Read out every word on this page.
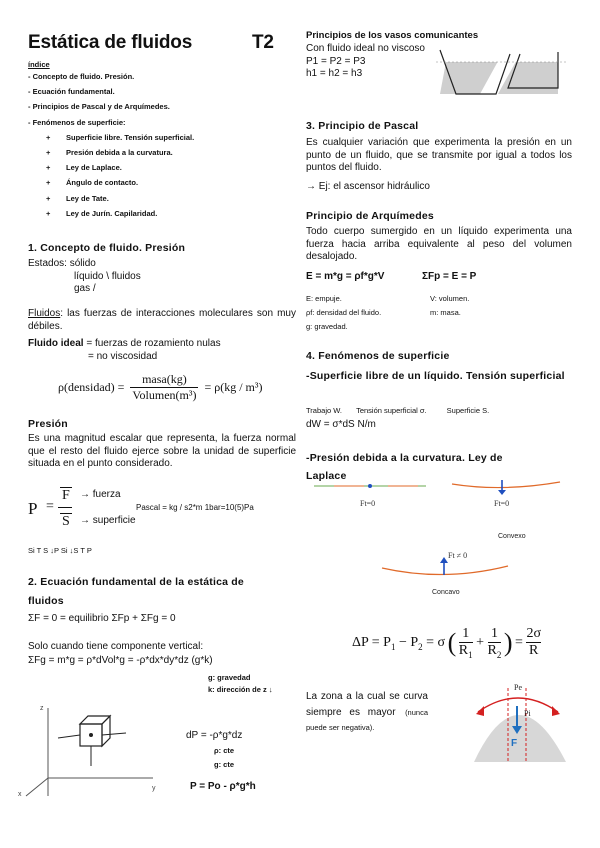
Estática de fluidos	T2
índice
- Concepto de fluido. Presión.
- Ecuación fundamental.
- Principios de Pascal y de Arquímedes.
- Fenómenos de superficie:
+ Superficie libre. Tensión superficial.
+ Presión debida a la curvatura.
+ Ley de Laplace.
+ Ángulo de contacto.
+ Ley de Tate.
+ Ley de Jurín. Capilaridad.
1. Concepto de fluido. Presión
Estados: sólido
líquido \ fluidos
gas /
Fluidos: las fuerzas de interacciones moleculares son muy débiles.
Fluido ideal = fuerzas de rozamiento nulas
= no viscosidad
ρ(densidad) =
masa(kg)
Volumen(m³)
= ρ(kg / m³)
Presión
Es una magnitud escalar que representa, la fuerza normal que el resto del fluido ejerce sobre la unidad de superficie situada en el punto considerado.
P =
F
S
→ fuerza
→ superficie
Pascal = kg / s2*m 1bar=10(5)Pa
Si T S ↓P Si ↓S T P
2. Ecuación fundamental de la estática de
fluidos
ΣF = 0 = equilibrio ΣFp + ΣFg = 0
Solo cuando tiene componente vertical:
ΣFg = m*g = ρ*dVol*g = -ρ*dx*dy*dz (g*k)
g: gravedad
k: dirección de z ↓
z
y
x
dP = -ρ*g*dz
ρ: cte
g: cte
P = Po - ρ*g*h
Principios de los vasos comunicantes
Con fluido ideal no viscoso
P1 = P2 = P3
h1 = h2 = h3
3. Principio de Pascal
Es cualquier variación que experimenta la presión en un punto de un fluido, que se transmite por igual a todos los puntos del fluido.
→ Ej: el ascensor hidráulico
Principio de Arquímedes
Todo cuerpo sumergido en un líquido experimenta una fuerza hacia arriba equivalente al peso del volumen desalojado.
E = m*g = ρf*g*V	ΣFp = E = P
E: empuje.
ρf: densidad del fluido.
g: gravedad.
V: volumen.
m: masa.
4. Fenómenos de superficie
-Superficie libre de un líquido. Tensión superficial
Trabajo W. Tensión superficial σ.	Superficie S.
dW = σ*dS N/m
-Presión debida a la curvatura. Ley de
Laplace
Ft=0	Ft=0
Convexo
Ft ≠ 0
Concavo
$\Delta P = P_1 - P_2 = \sigma$ ( $\frac{1}{R_1} + \frac{1}{R_2}$ ) = $\frac{2\sigma}{R}$
La zona a la cual se curva siempre es mayor (nunca puede ser negativa).
Pe
Pi
F
